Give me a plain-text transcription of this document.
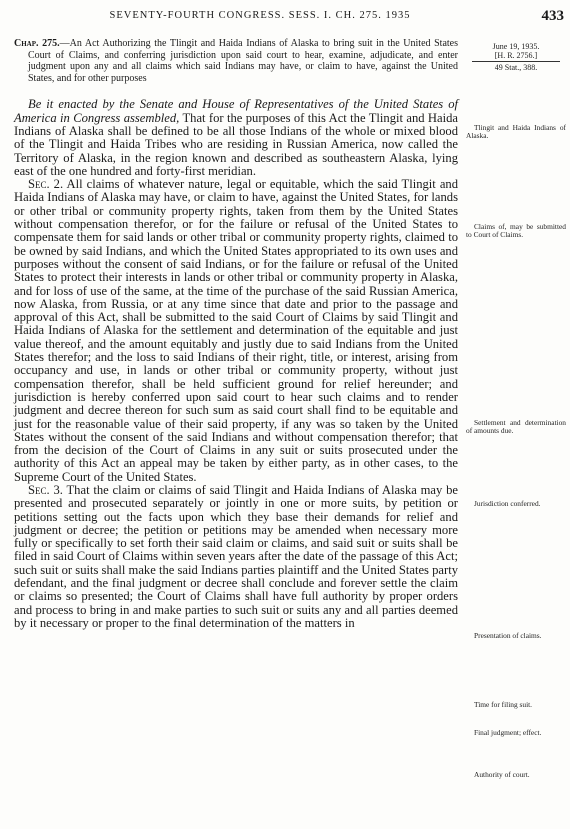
SEVENTY-FOURTH CONGRESS. SESS. I. CH. 275. 1935	433

Chap. 275.—An Act Authorizing the Tlingit and Haida Indians of Alaska to bring suit in the United States Court of Claims, and conferring jurisdiction upon said court to hear, examine, adjudicate, and enter judgment upon any and all claims which said Indians may have, or claim to have, against the United States, and for other purposes

Be it enacted by the Senate and House of Representatives of the United States of America in Congress assembled, That for the purposes of this Act the Tlingit and Haida Indians of Alaska shall be defined to be all those Indians of the whole or mixed blood of the Tlingit and Haida Tribes who are residing in Russian America, now called the Territory of Alaska, in the region known and described as southeastern Alaska, lying east of the one hundred and forty-first meridian.

Sec. 2. All claims of whatever nature, legal or equitable, which the said Tlingit and Haida Indians of Alaska may have, or claim to have, against the United States, for lands or other tribal or community property rights, taken from them by the United States without compensation therefor, or for the failure or refusal of the United States to compensate them for said lands or other tribal or community property rights, claimed to be owned by said Indians, and which the United States appropriated to its own uses and purposes without the consent of said Indians, or for the failure or refusal of the United States to protect their interests in lands or other tribal or community property in Alaska, and for loss of use of the same, at the time of the purchase of the said Russian America, now Alaska, from Russia, or at any time since that date and prior to the passage and approval of this Act, shall be submitted to the said Court of Claims by said Tlingit and Haida Indians of Alaska for the settlement and determination of the equitable and just value thereof, and the amount equitably and justly due to said Indians from the United States therefor; and the loss to said Indians of their right, title, or interest, arising from occupancy and use, in lands or other tribal or community property, without just compensation therefor, shall be held sufficient ground for relief hereunder; and jurisdiction is hereby conferred upon said court to hear such claims and to render judgment and decree thereon for such sum as said court shall find to be equitable and just for the reasonable value of their said property, if any was so taken by the United States without the consent of the said Indians and without compensation therefor; that from the decision of the Court of Claims in any suit or suits prosecuted under the authority of this Act an appeal may be taken by either party, as in other cases, to the Supreme Court of the United States.

Sec. 3. That the claim or claims of said Tlingit and Haida Indians of Alaska may be presented and prosecuted separately or jointly in one or more suits, by petition or petitions setting out the facts upon which they base their demands for relief and judgment or decree; the petition or petitions may be amended when necessary more fully or specifically to set forth their said claim or claims, and said suit or suits shall be filed in said Court of Claims within seven years after the date of the passage of this Act; such suit or suits shall make the said Indians parties plaintiff and the United States party defendant, and the final judgment or decree shall conclude and forever settle the claim or claims so presented; the Court of Claims shall have full authority by proper orders and process to bring in and make parties to such suit or suits any and all parties deemed by it necessary or proper to the final determination of the matters in

June 19, 1935.
[H. R. 2756.]
49 Stat., 388.
Tlingit and Haida Indians of Alaska.
Claims of, may be submitted to Court of Claims.
Settlement and determination of amounts due.
Jurisdiction conferred.
Presentation of claims.
Time for filing suit.
Final judgment; effect.
Authority of court.
